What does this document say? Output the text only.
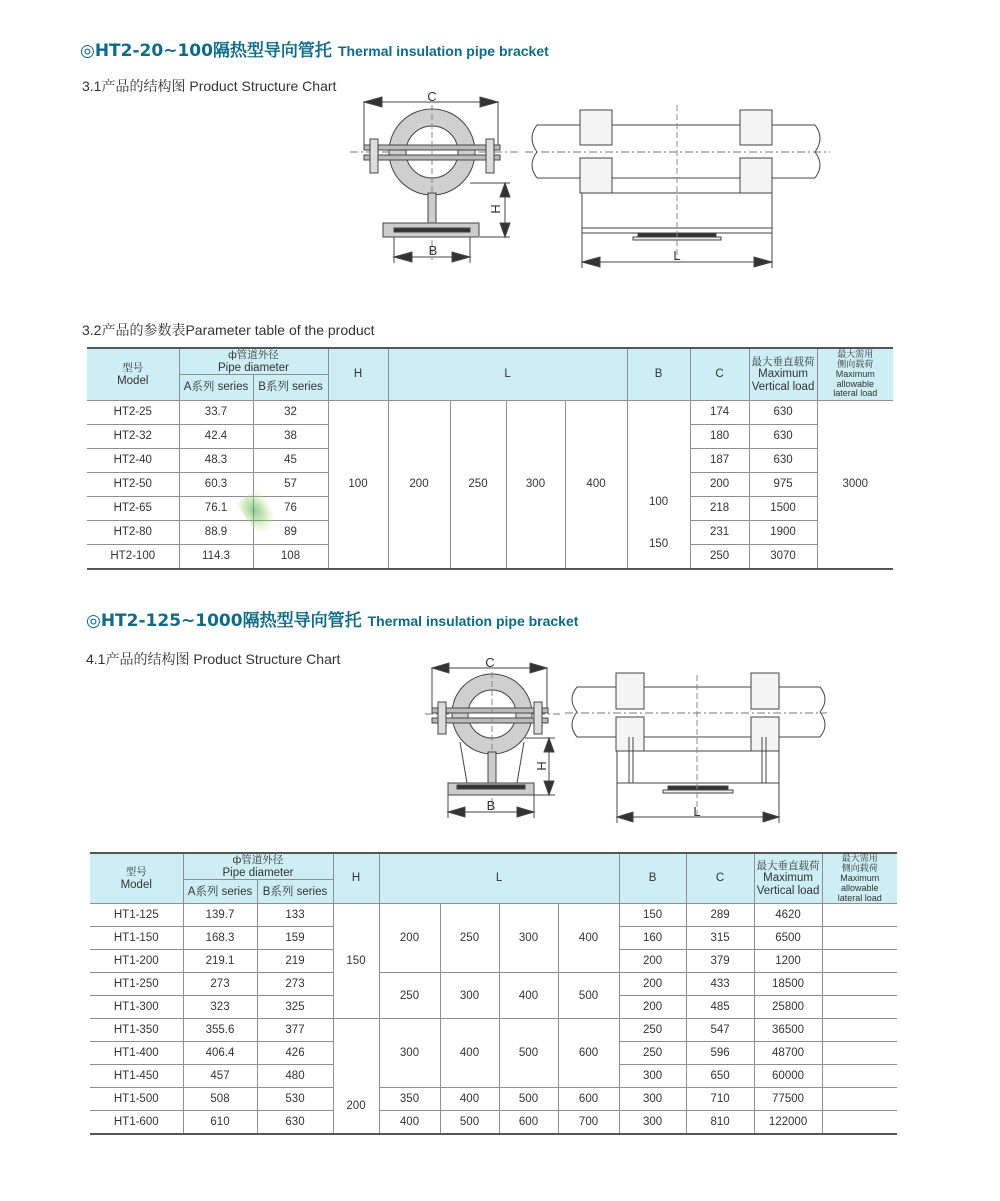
◎HT2-20~100隔热型导向管托 Thermal insulation pipe bracket
3.1产品的结构图 Product Structure Chart
C
H
B	L
3.2产品的参数表Parameter table of the product
型号
Model	ф管道外径
Pipe diameter		H	L				B	C	最大垂直载荷
Maximum
Vertical load	最大需用
侧向载荷
Maximum allowable
lateral load
	A系列 series	B系列 series									
HT2-25	33.7	32	100	200	250	300	400	100	174	630	3000
HT2-32	42.4	38							180	630	
HT2-40	48.3	45							187	630	
HT2-50	60.3	57							200	975	
HT2-65	76.1	76							218	1500	
HT2-80	88.9	89						150	231	1900	
HT2-100	114.3	108							250	3070	
◎HT2-125~1000隔热型导向管托 Thermal insulation pipe bracket
4.1产品的结构图 Product Structure Chart	C
H
B	L
型号
Model	ф管道外径
Pipe diameter		H	L				B	C	最大垂直载荷
Maximum
Vertical load	最大需用
侧向载荷
Maximum allowable
lateral load
	A系列 series	B系列 series									
HT1-125	139.7	133	150	200	250	300	400	150	289	4620	
HT1-150	168.3	159						160	315	6500	
HT1-200	219.1	219						200	379	1200	
HT1-250	273	273		250	300	400	500	200	433	18500	
HT1-300	323	325						200	485	25800	
HT1-350	355.6	377	200	300	400	500	600	250	547	36500	
HT1-400	406.4	426						250	596	48700	
HT1-450	457	480						300	650	60000	
HT1-500	508	530		350	400	500	600	300	710	77500	
HT1-600	610	630		400	500	600	700	300	810	122000	
